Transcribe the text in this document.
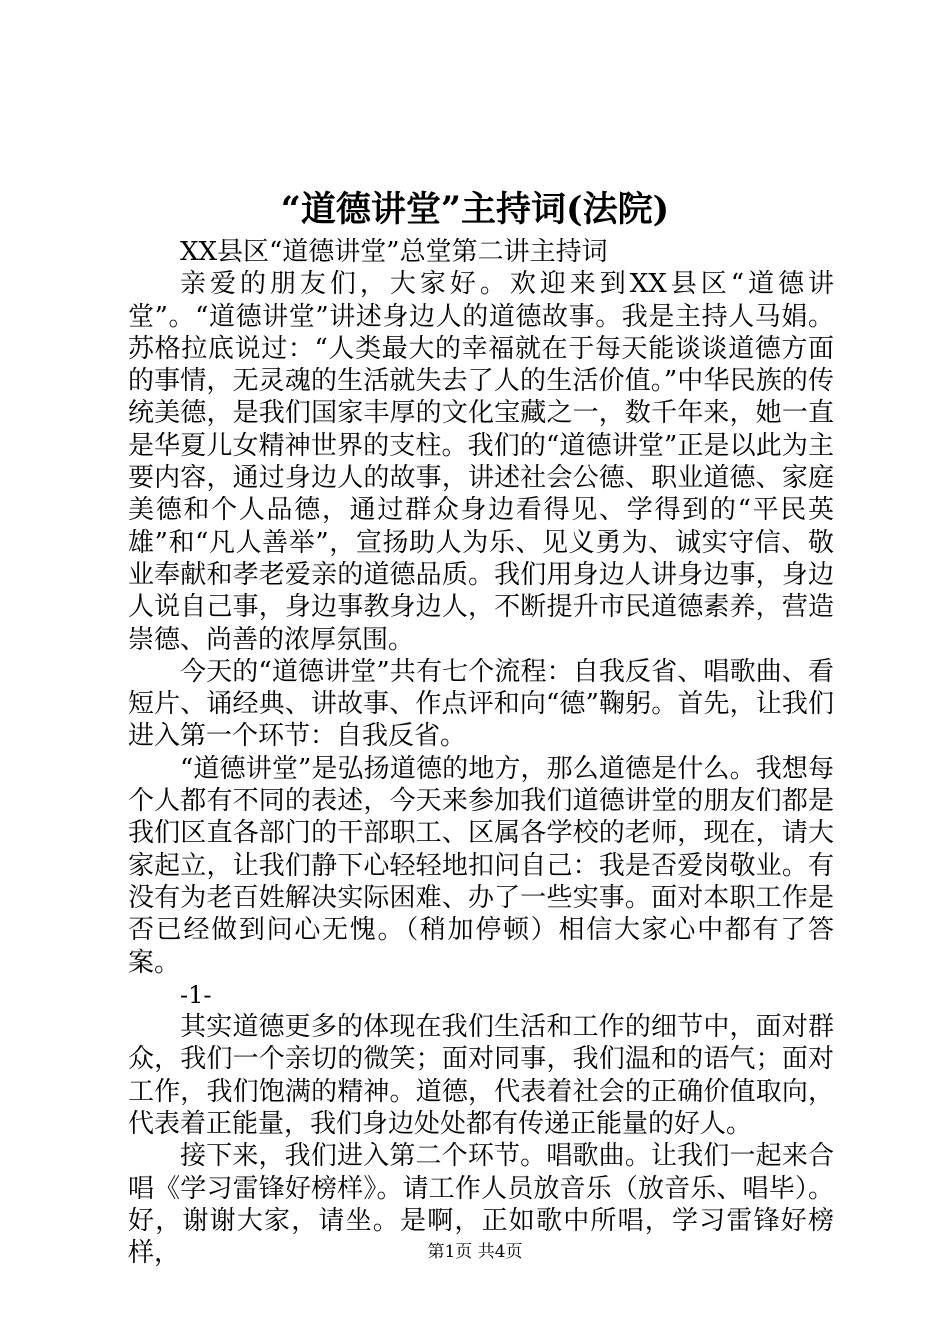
“道德讲堂”主持词(法院)

XX县区“道德讲堂”总堂第二讲主持词

亲爱的朋友们，大家好。欢迎来到XX县区“道德讲堂”。“道德讲堂”讲述身边人的道德故事。我是主持人马娟。苏格拉底说过：“人类最大的幸福就在于每天能谈谈道德方面的事情，无灵魂的生活就失去了人的生活价值。”中华民族的传统美德，是我们国家丰厚的文化宝藏之一，数千年来，她一直是华夏儿女精神世界的支柱。我们的“道德讲堂”正是以此为主要内容，通过身边人的故事，讲述社会公德、职业道德、家庭美德和个人品德，通过群众身边看得见、学得到的“平民英雄”和“凡人善举”，宣扬助人为乐、见义勇为、诚实守信、敬业奉献和孝老爱亲的道德品质。我们用身边人讲身边事，身边人说自己事，身边事教身边人，不断提升市民道德素养，营造崇德、尚善的浓厚氛围。

今天的“道德讲堂”共有七个流程：自我反省、唱歌曲、看短片、诵经典、讲故事、作点评和向“德”鞠躬。首先，让我们进入第一个环节：自我反省。

“道德讲堂”是弘扬道德的地方，那么道德是什么。我想每个人都有不同的表述，今天来参加我们道德讲堂的朋友们都是我们区直各部门的干部职工、区属各学校的老师，现在，请大家起立，让我们静下心轻轻地扣问自己：我是否爱岗敬业。有没有为老百姓解决实际困难、办了一些实事。面对本职工作是否已经做到问心无愧。（稍加停顿）相信大家心中都有了答案。

-1-

其实道德更多的体现在我们生活和工作的细节中，面对群众，我们一个亲切的微笑；面对同事，我们温和的语气；面对工作，我们饱满的精神。道德，代表着社会的正确价值取向，代表着正能量，我们身边处处都有传递正能量的好人。

接下来，我们进入第二个环节。唱歌曲。让我们一起来合唱《学习雷锋好榜样》。请工作人员放音乐（放音乐、唱毕）。好，谢谢大家，请坐。是啊，正如歌中所唱，学习雷锋好榜样，	第1页 共4页
